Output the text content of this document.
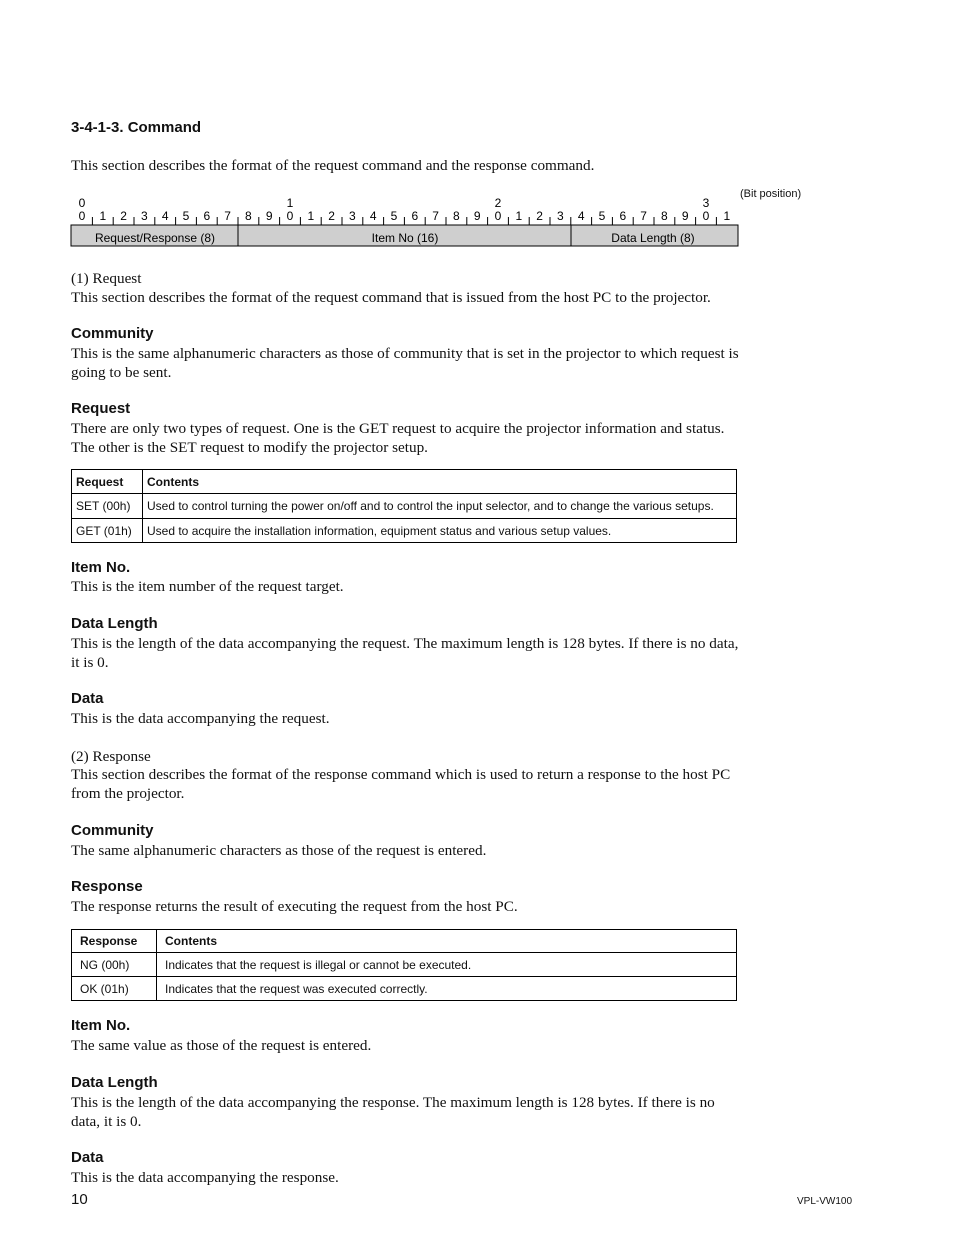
3-4-1-3. Command

This section describes the format of the request command and the response command.

(Bit position)
0	1	2	3
0 1 2 3 4 5 6 7 8 9 0 1 2 3 4 5 6 7 8 9 0 1 2 3 4 5 6 7 8 9 0 1
Request/Response (8)	Item No (16)	Data Length (8)

(1) Request

This section describes the format of the request command that is issued from the host PC to the projector.

Community

This is the same alphanumeric characters as those of community that is set in the projector to which request is going to be sent.

Request

There are only two types of request. One is the GET request to acquire the projector information and status. The other is the SET request to modify the projector setup.

Request	Contents
SET (00h)	Used to control turning the power on/off and to control the input selector, and to change the various setups.
GET (01h)	Used to acquire the installation information, equipment status and various setup values.

Item No.

This is the item number of the request target.

Data Length

This is the length of the data accompanying the request. The maximum length is 128 bytes. If there is no data, it is 0.

Data

This is the data accompanying the request.

(2) Response

This section describes the format of the response command which is used to return a response to the host PC from the projector.

Community

The same alphanumeric characters as those of the request is entered.

Response

The response returns the result of executing the request from the host PC.

Response	Contents
NG (00h)	Indicates that the request is illegal or cannot be executed.
OK (01h)	Indicates that the request was executed correctly.

Item No.

The same value as those of the request is entered.

Data Length

This is the length of the data accompanying the response. The maximum length is 128 bytes. If there is no data, it is 0.

Data

This is the data accompanying the response.

10	VPL-VW100
